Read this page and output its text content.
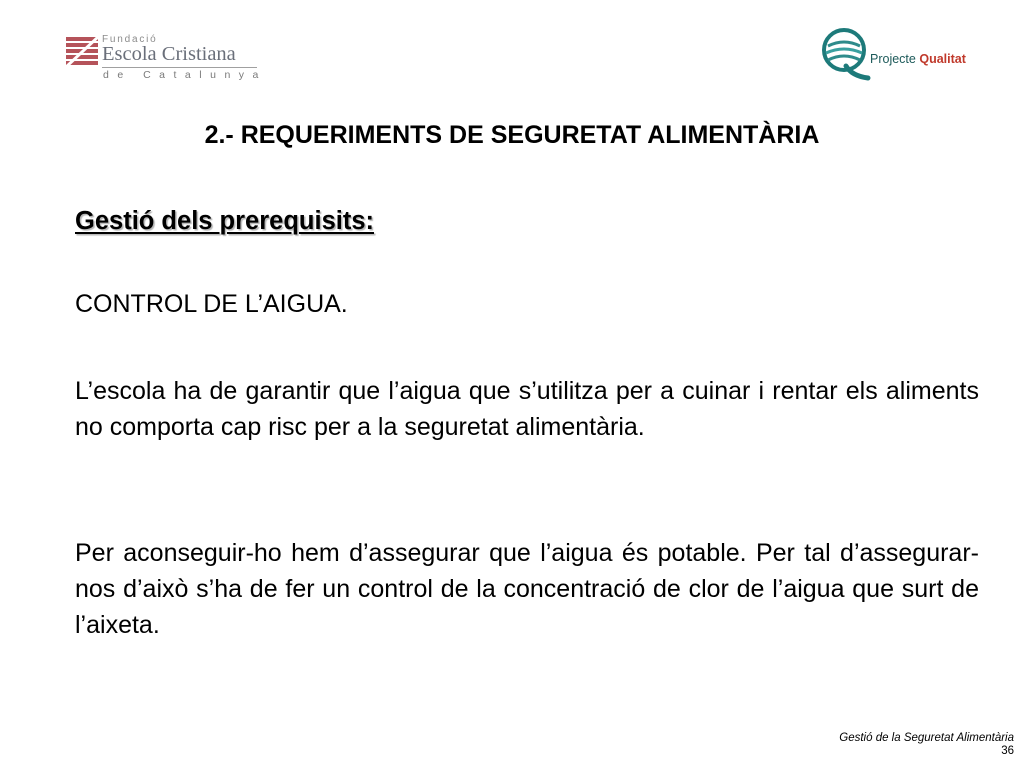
Fundació
Escola Cristiana
de Catalunya
Projecte Qualitat
2.- REQUERIMENTS DE SEGURETAT ALIMENTÀRIA
Gestió dels prerequisits:

CONTROL DE L’AIGUA.

L’escola ha de garantir que l’aigua que s’utilitza per a cuinar i rentar els aliments no comporta cap risc per a la seguretat alimentària.

Per aconseguir-ho hem d’assegurar que l’aigua és potable. Per tal d’assegurar-nos d’això s’ha de fer un control de la concentració de clor de l’aigua que surt de l’aixeta.

Gestió de la Seguretat Alimentària
36
